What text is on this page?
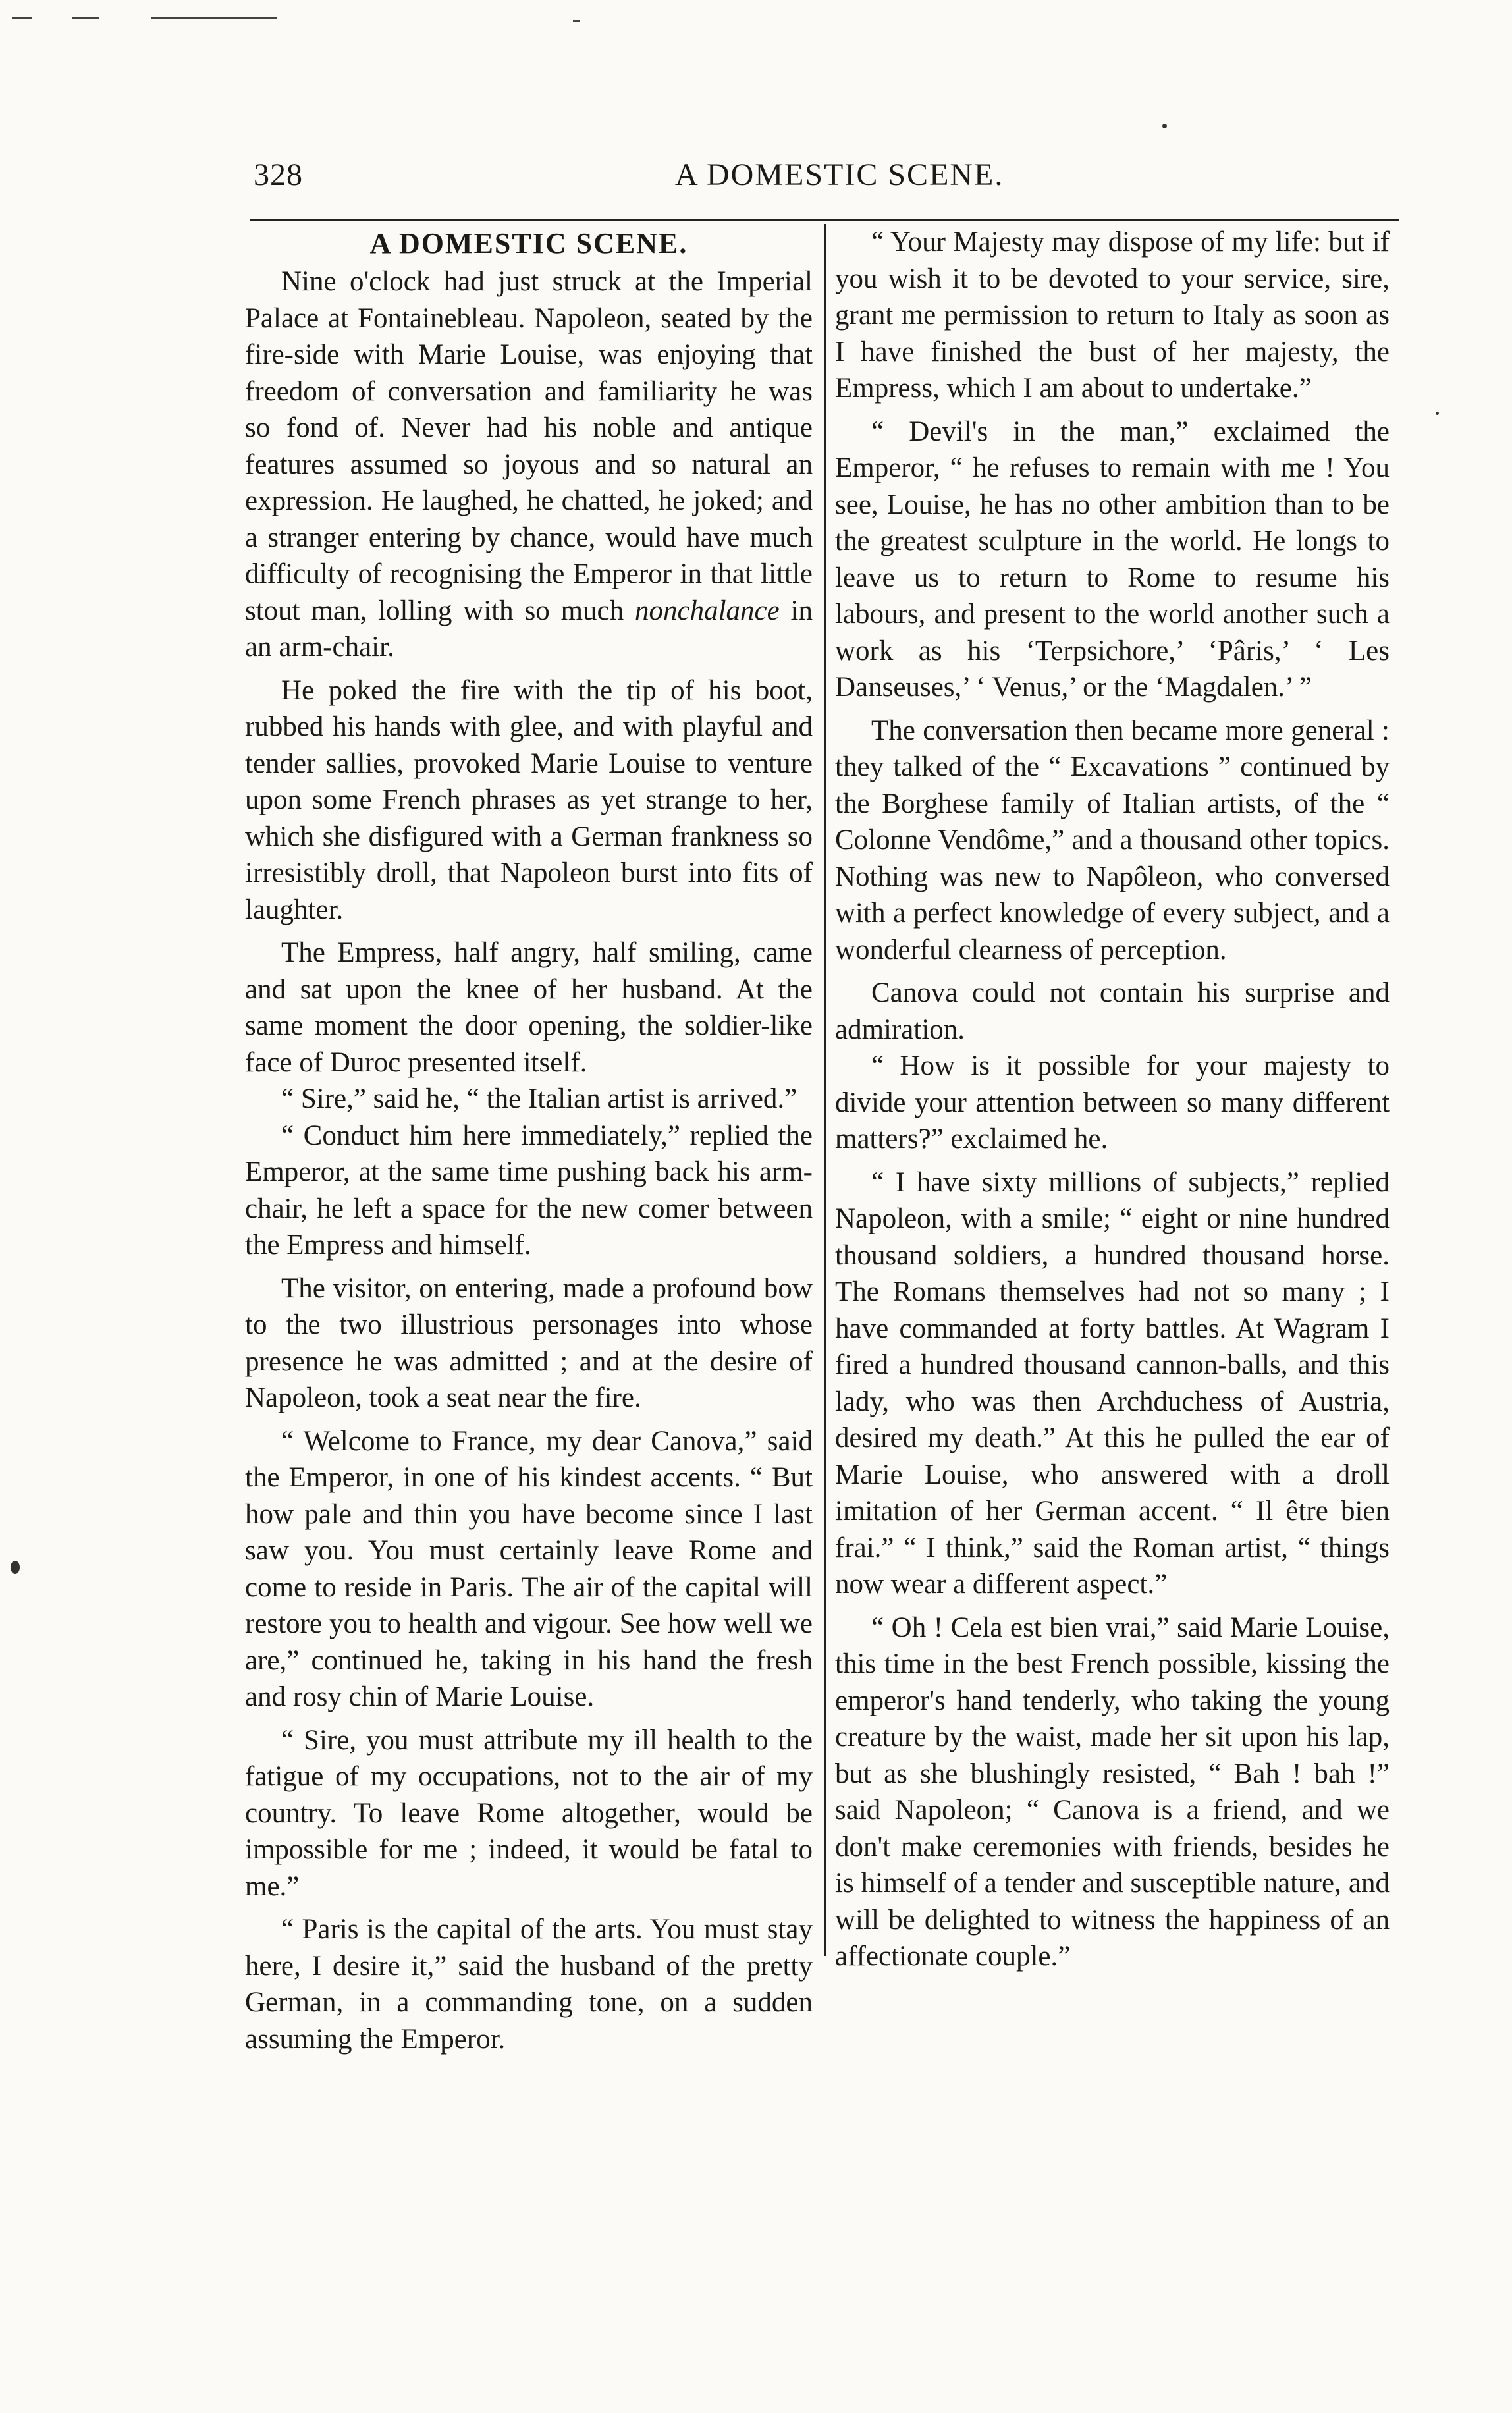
328	A DOMESTIC SCENE.
A DOMESTIC SCENE.

Nine o'clock had just struck at the Imperial Palace at Fontainebleau. Napoleon, seated by the fire-side with Marie Louise, was enjoying that freedom of conversation and familiarity he was so fond of. Never had his noble and antique features assumed so joyous and so natural an expression. He laughed, he chatted, he joked; and a stranger entering by chance, would have much difficulty of recognising the Emperor in that little stout man, lolling with so much nonchalance in an arm-chair.

He poked the fire with the tip of his boot, rubbed his hands with glee, and with playful and tender sallies, provoked Marie Louise to venture upon some French phrases as yet strange to her, which she disfigured with a German frankness so irresistibly droll, that Napoleon burst into fits of laughter.

The Empress, half angry, half smiling, came and sat upon the knee of her husband. At the same moment the door opening, the soldier-like face of Duroc presented itself.

“ Sire,” said he, “ the Italian artist is arrived.”

“ Conduct him here immediately,” replied the Emperor, at the same time pushing back his arm-chair, he left a space for the new comer between the Empress and himself.

The visitor, on entering, made a profound bow to the two illustrious personages into whose presence he was admitted ; and at the desire of Napoleon, took a seat near the fire.

“ Welcome to France, my dear Canova,” said the Emperor, in one of his kindest accents. “ But how pale and thin you have become since I last saw you. You must certainly leave Rome and come to reside in Paris. The air of the capital will restore you to health and vigour. See how well we are,” continued he, taking in his hand the fresh and rosy chin of Marie Louise.

“ Sire, you must attribute my ill health to the fatigue of my occupations, not to the air of my country. To leave Rome altogether, would be impossible for me ; indeed, it would be fatal to me.”

“ Paris is the capital of the arts. You must stay here, I desire it,” said the husband of the pretty German, in a commanding tone, on a sudden assuming the Emperor.

“ Your Majesty may dispose of my life: but if you wish it to be devoted to your service, sire, grant me permission to return to Italy as soon as I have finished the bust of her majesty, the Empress, which I am about to undertake.”

“ Devil's in the man,” exclaimed the Emperor, “ he refuses to remain with me ! You see, Louise, he has no other ambition than to be the greatest sculpture in the world. He longs to leave us to return to Rome to resume his labours, and present to the world another such a work as his ‘Terpsichore,’ ‘Pâris,’ ‘ Les Danseuses,’ ‘ Venus,’ or the ‘Magdalen.’ ”

The conversation then became more general : they talked of the “ Excavations ” continued by the Borghese family of Italian artists, of the “ Colonne Vendôme,” and a thousand other topics. Nothing was new to Napôleon, who conversed with a perfect knowledge of every subject, and a wonderful clearness of perception.

Canova could not contain his surprise and admiration.

“ How is it possible for your majesty to divide your attention between so many different matters?” exclaimed he.

“ I have sixty millions of subjects,” replied Napoleon, with a smile; “ eight or nine hundred thousand soldiers, a hundred thousand horse. The Romans themselves had not so many ; I have commanded at forty battles. At Wagram I fired a hundred thousand cannon-balls, and this lady, who was then Archduchess of Austria, desired my death.” At this he pulled the ear of Marie Louise, who answered with a droll imitation of her German accent. “ Il être bien frai.” “ I think,” said the Roman artist, “ things now wear a different aspect.”

“ Oh ! Cela est bien vrai,” said Marie Louise, this time in the best French possible, kissing the emperor's hand tenderly, who taking the young creature by the waist, made her sit upon his lap, but as she blushingly resisted, “ Bah ! bah !” said Napoleon; “ Canova is a friend, and we don't make ceremonies with friends, besides he is himself of a tender and susceptible nature, and will be delighted to witness the happiness of an affectionate couple.”
